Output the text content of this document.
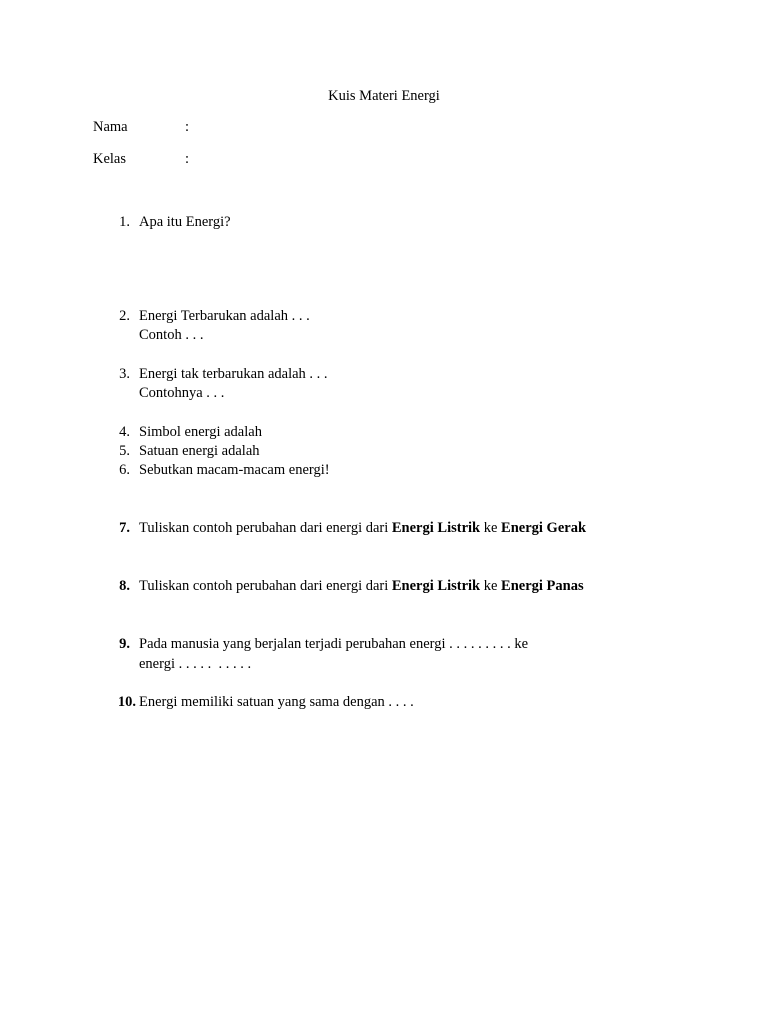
Kuis Materi Energi
Nama	:
Kelas	:
1. Apa itu Energi?
2. Energi Terbarukan adalah . . .
Contoh . . .
3. Energi tak terbarukan adalah . . .
Contohnya . . .
4. Simbol energi adalah
5. Satuan energi adalah
6. Sebutkan macam-macam energi!
7. Tuliskan contoh perubahan dari energi dari Energi Listrik ke Energi Gerak
8. Tuliskan contoh perubahan dari energi dari Energi Listrik ke Energi Panas
9. Pada manusia yang berjalan terjadi perubahan energi . . . . . . . . . ke
energi . . . . .  . . . . .
10. Energi memiliki satuan yang sama dengan . . . .
